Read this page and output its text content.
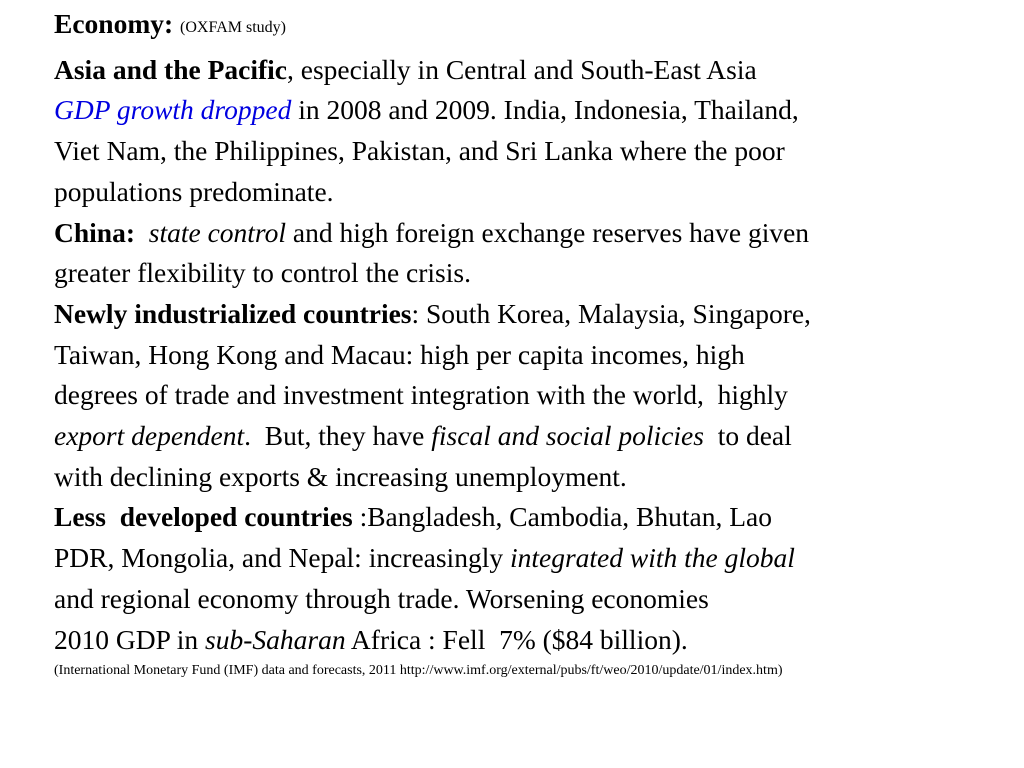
Economy: (OXFAM study)
Asia and the Pacific, especially in Central and South-East Asia
GDP growth dropped in 2008 and 2009. India, Indonesia, Thailand,
Viet Nam, the Philippines, Pakistan, and Sri Lanka where the poor
populations predominate.
China: state control and high foreign exchange reserves have given
greater flexibility to control the crisis.
Newly industrialized countries: South Korea, Malaysia, Singapore,
Taiwan, Hong Kong and Macau: high per capita incomes, high
degrees of trade and investment integration with the world,  highly
export dependent.  But, they have fiscal and social policies  to deal
with declining exports & increasing unemployment.
Less  developed countries :Bangladesh, Cambodia, Bhutan, Lao
PDR, Mongolia, and Nepal: increasingly integrated with the global
and regional economy through trade. Worsening economies
2010 GDP in sub-Saharan Africa : Fell  7% ($84 billion).
(International Monetary Fund (IMF) data and forecasts, 2011 http://www.imf.org/external/pubs/ft/weo/2010/update/01/index.htm)
